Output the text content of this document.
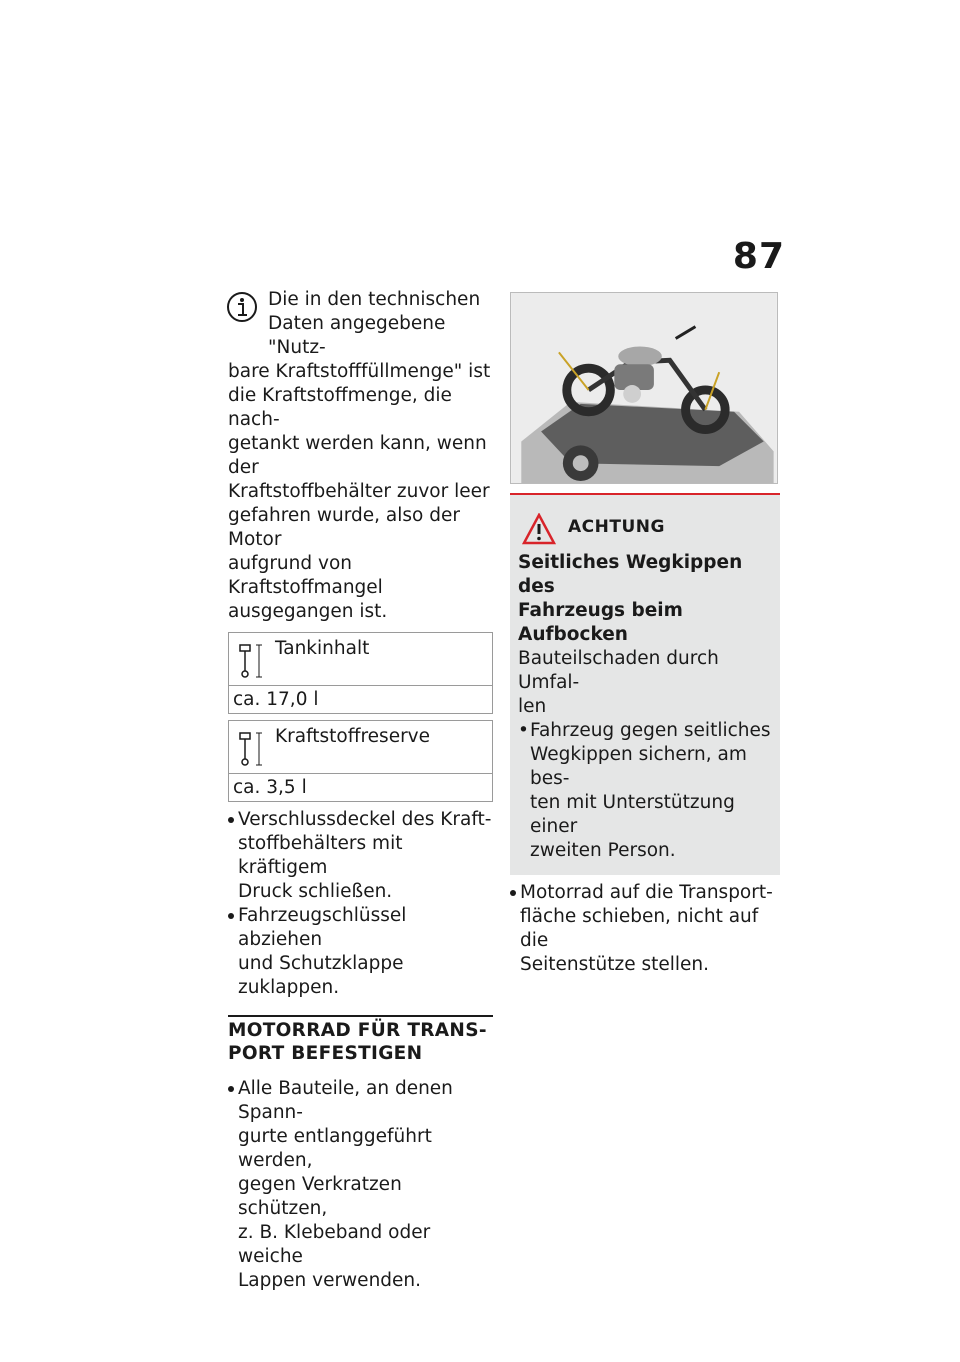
87
Die in den technischen
Daten angegebene "Nutz-
bare Kraftstofffüllmenge" ist
die Kraftstoffmenge, die nach-
getankt werden kann, wenn der
Kraftstoffbehälter zuvor leer
gefahren wurde, also der Motor
aufgrund von Kraftstoffmangel
ausgegangen ist.
Tankinhalt
ca. 17,0 l
Kraftstoffreserve
ca. 3,5 l
Verschlussdeckel des Kraft-
stoffbehälters mit kräftigem
Druck schließen.
Fahrzeugschlüssel abziehen
und Schutzklappe zuklappen.
MOTORRAD FÜR TRANS-
PORT BEFESTIGEN
Alle Bauteile, an denen Spann-
gurte entlanggeführt werden,
gegen Verkratzen schützen,
z. B. Klebeband oder weiche
Lappen verwenden.
ACHTUNG
Seitliches Wegkippen des
Fahrzeugs beim Aufbocken
Bauteilschaden durch Umfal-
len
• Fahrzeug gegen seitliches
Wegkippen sichern, am bes-
ten mit Unterstützung einer
zweiten Person.
Motorrad auf die Transport-
fläche schieben, nicht auf die
Seitenstütze stellen.
